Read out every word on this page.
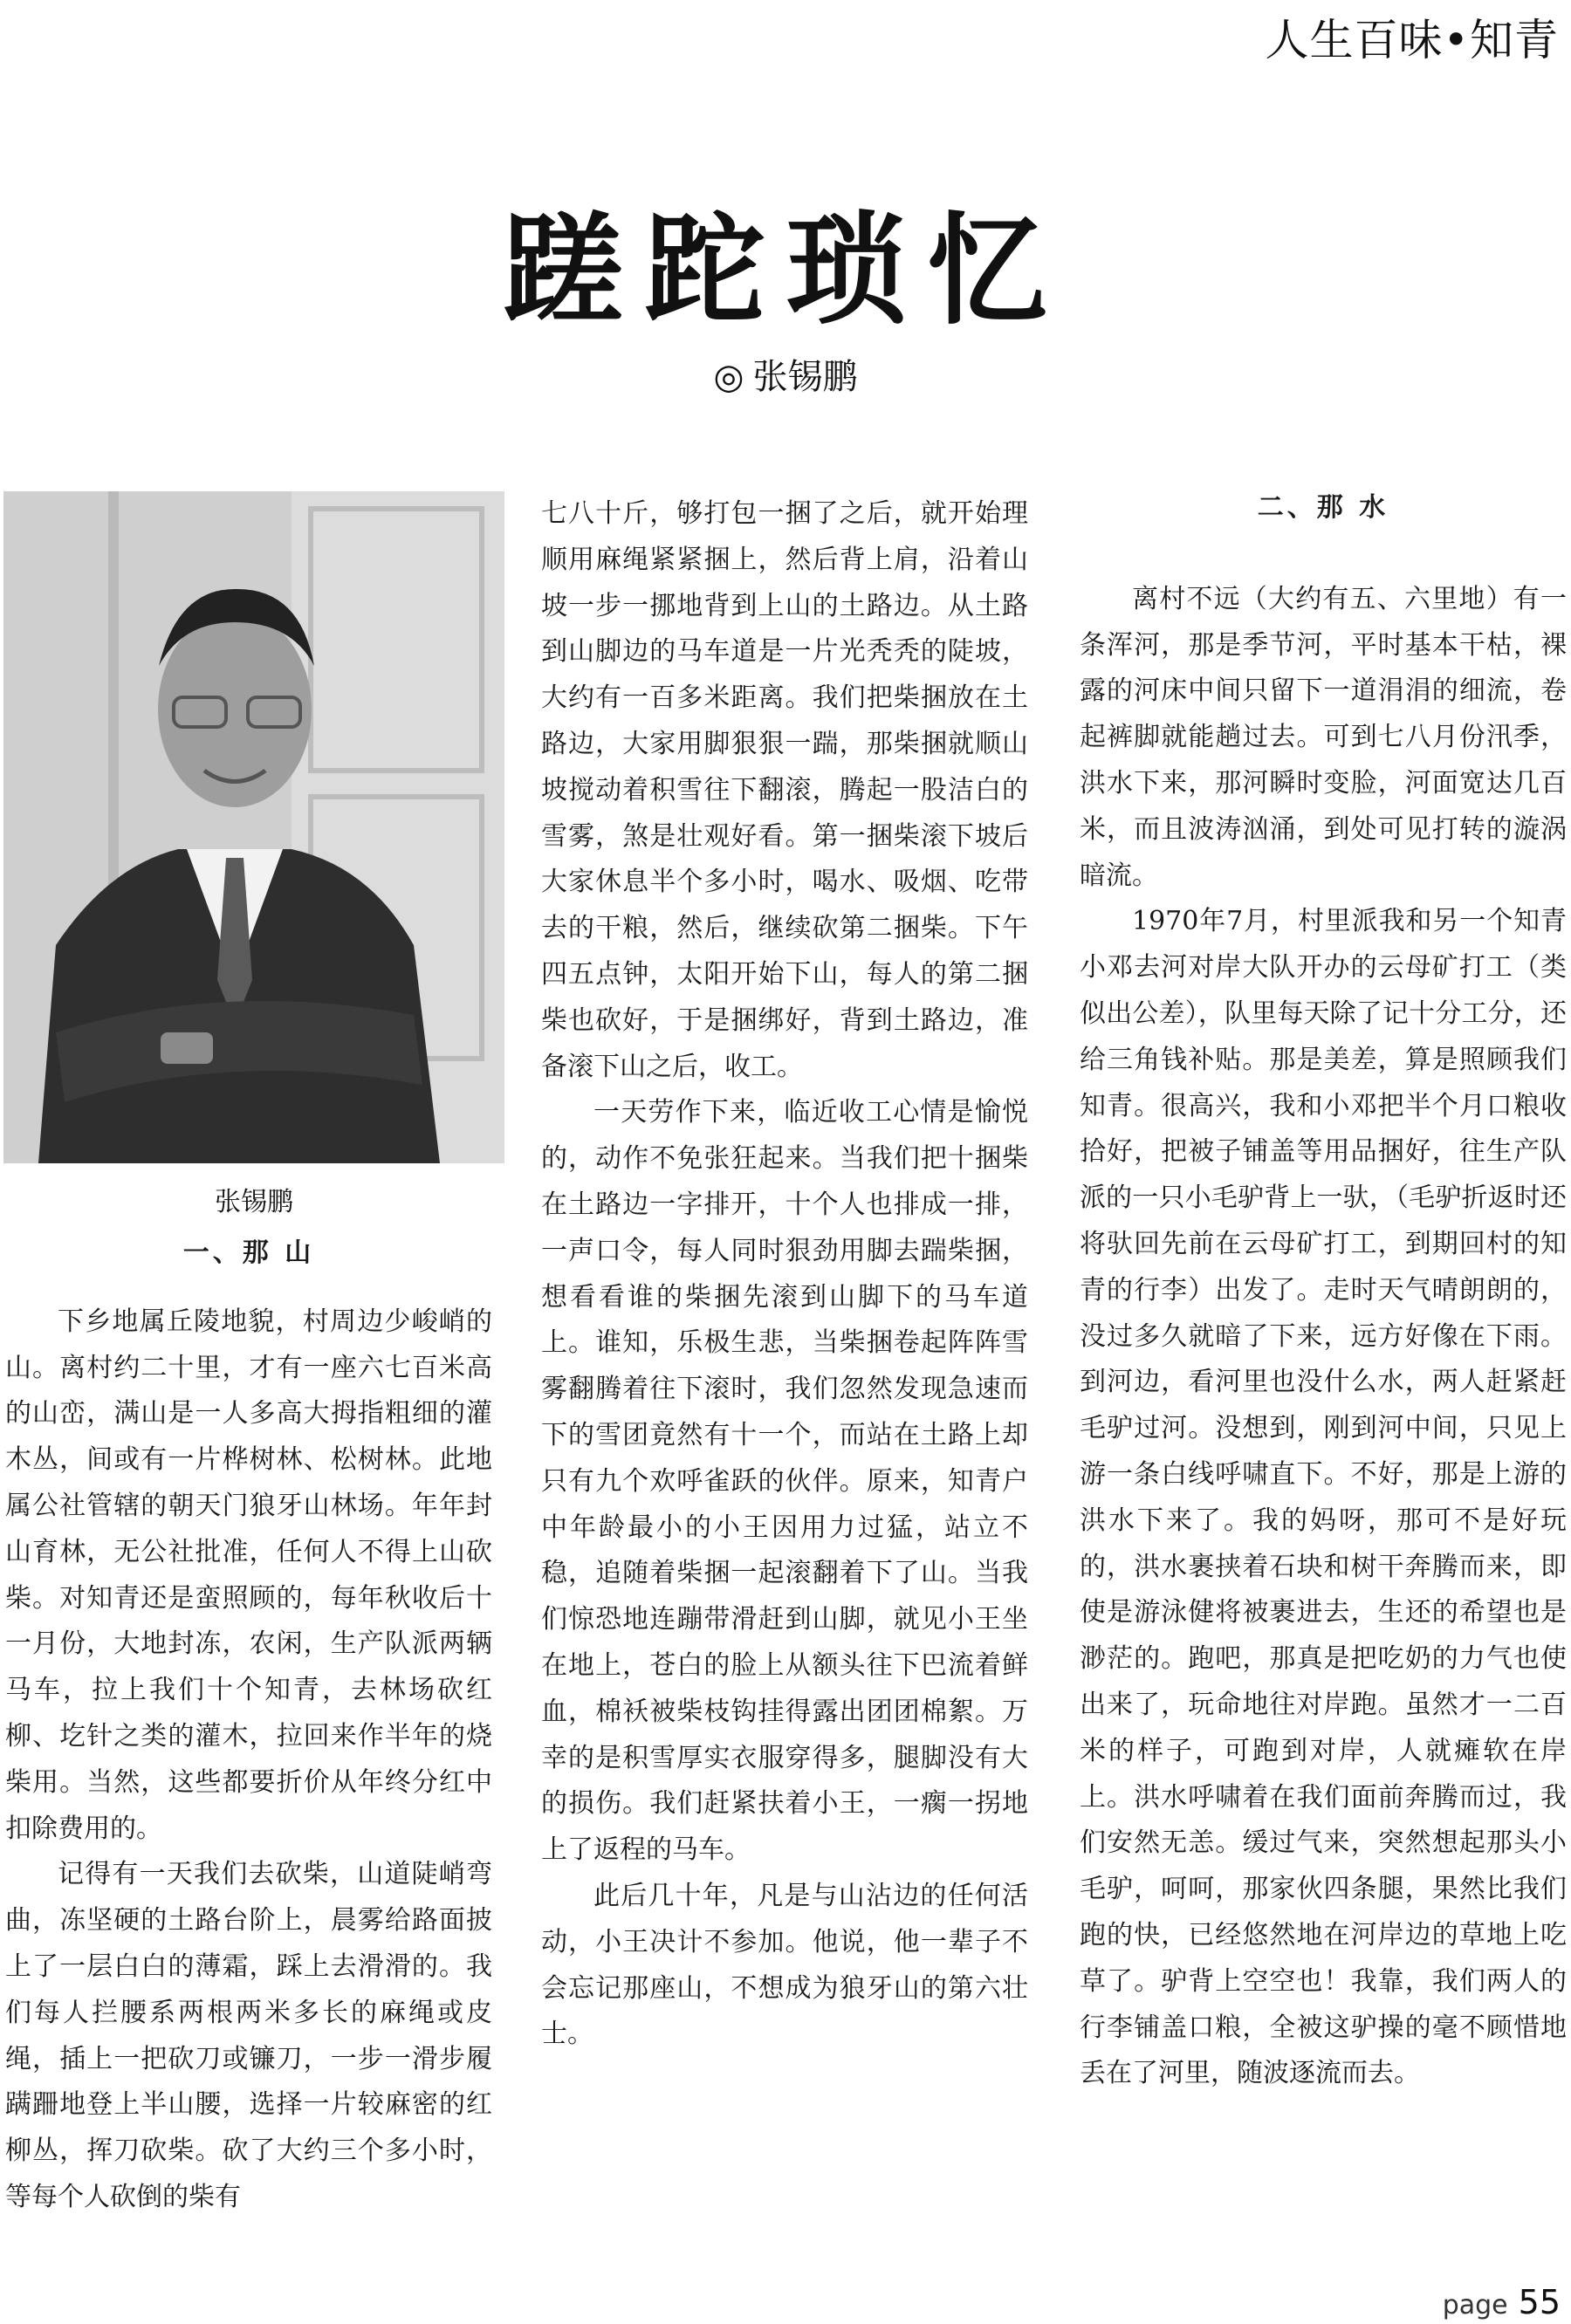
人生百味•知青
蹉跎琐忆
◎ 张锡鹏
张锡鹏

一、那 山

下乡地属丘陵地貌，村周边少峻峭的山。离村约二十里，才有一座六七百米高的山峦，满山是一人多高大拇指粗细的灌木丛，间或有一片桦树林、松树林。此地属公社管辖的朝天门狼牙山林场。年年封山育林，无公社批准，任何人不得上山砍柴。对知青还是蛮照顾的，每年秋收后十一月份，大地封冻，农闲，生产队派两辆马车，拉上我们十个知青，去林场砍红柳、圪针之类的灌木，拉回来作半年的烧柴用。当然，这些都要折价从年终分红中扣除费用的。

记得有一天我们去砍柴，山道陡峭弯曲，冻坚硬的土路台阶上，晨雾给路面披上了一层白白的薄霜，踩上去滑滑的。我们每人拦腰系两根两米多长的麻绳或皮绳，插上一把砍刀或镰刀，一步一滑步履蹒跚地登上半山腰，选择一片较麻密的红柳丛，挥刀砍柴。砍了大约三个多小时，等每个人砍倒的柴有

七八十斤，够打包一捆了之后，就开始理顺用麻绳紧紧捆上，然后背上肩，沿着山坡一步一挪地背到上山的土路边。从土路到山脚边的马车道是一片光秃秃的陡坡，大约有一百多米距离。我们把柴捆放在土路边，大家用脚狠狠一踹，那柴捆就顺山坡搅动着积雪往下翻滚，腾起一股洁白的雪雾，煞是壮观好看。第一捆柴滚下坡后大家休息半个多小时，喝水、吸烟、吃带去的干粮，然后，继续砍第二捆柴。下午四五点钟，太阳开始下山，每人的第二捆柴也砍好，于是捆绑好，背到土路边，准备滚下山之后，收工。

一天劳作下来，临近收工心情是愉悦的，动作不免张狂起来。当我们把十捆柴在土路边一字排开，十个人也排成一排，一声口令，每人同时狠劲用脚去踹柴捆，想看看谁的柴捆先滚到山脚下的马车道上。谁知，乐极生悲，当柴捆卷起阵阵雪雾翻腾着往下滚时，我们忽然发现急速而下的雪团竟然有十一个，而站在土路上却只有九个欢呼雀跃的伙伴。原来，知青户中年龄最小的小王因用力过猛，站立不稳，追随着柴捆一起滚翻着下了山。当我们惊恐地连蹦带滑赶到山脚，就见小王坐在地上，苍白的脸上从额头往下巴流着鲜血，棉袄被柴枝钩挂得露出团团棉絮。万幸的是积雪厚实衣服穿得多，腿脚没有大的损伤。我们赶紧扶着小王，一瘸一拐地上了返程的马车。

此后几十年，凡是与山沾边的任何活动，小王决计不参加。他说，他一辈子不会忘记那座山，不想成为狼牙山的第六壮士。

二、那 水

离村不远（大约有五、六里地）有一条浑河，那是季节河，平时基本干枯，裸露的河床中间只留下一道涓涓的细流，卷起裤脚就能趟过去。可到七八月份汛季，洪水下来，那河瞬时变脸，河面宽达几百米，而且波涛汹涌，到处可见打转的漩涡暗流。

1970年7月，村里派我和另一个知青小邓去河对岸大队开办的云母矿打工（类似出公差），队里每天除了记十分工分，还给三角钱补贴。那是美差，算是照顾我们知青。很高兴，我和小邓把半个月口粮收拾好，把被子铺盖等用品捆好，往生产队派的一只小毛驴背上一驮，（毛驴折返时还将驮回先前在云母矿打工，到期回村的知青的行李）出发了。走时天气晴朗朗的，没过多久就暗了下来，远方好像在下雨。到河边，看河里也没什么水，两人赶紧赶毛驴过河。没想到，刚到河中间，只见上游一条白线呼啸直下。不好，那是上游的洪水下来了。我的妈呀，那可不是好玩的，洪水裹挟着石块和树干奔腾而来，即使是游泳健将被裹进去，生还的希望也是渺茫的。跑吧，那真是把吃奶的力气也使出来了，玩命地往对岸跑。虽然才一二百米的样子，可跑到对岸，人就瘫软在岸上。洪水呼啸着在我们面前奔腾而过，我们安然无恙。缓过气来，突然想起那头小毛驴，呵呵，那家伙四条腿，果然比我们跑的快，已经悠然地在河岸边的草地上吃草了。驴背上空空也！我靠，我们两人的行李铺盖口粮，全被这驴操的毫不顾惜地丢在了河里，随波逐流而去。

page 55
